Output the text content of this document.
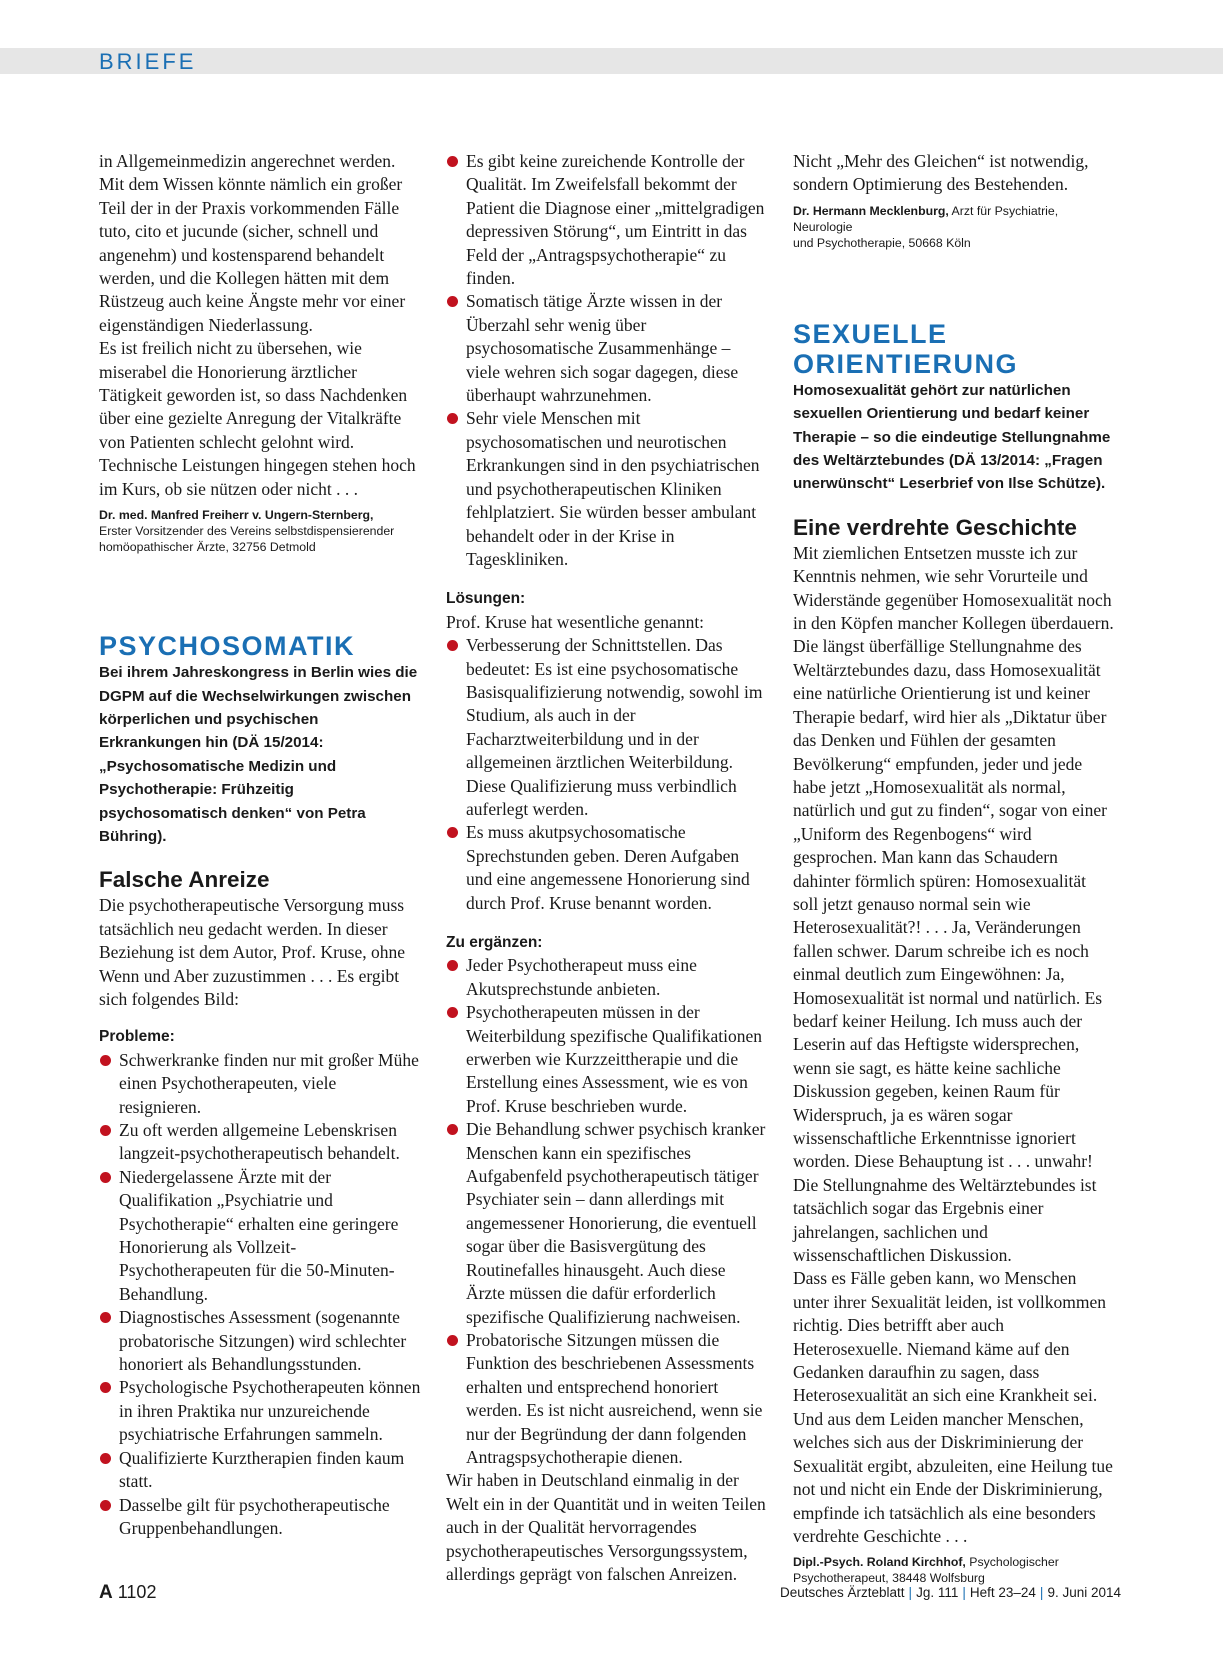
BRIEFE

in Allgemeinmedizin angerechnet werden. Mit dem Wissen könnte nämlich ein großer Teil der in der Praxis vorkommenden Fälle tuto, cito et jucunde (sicher, schnell und angenehm) und kostensparend behandelt werden, und die Kollegen hätten mit dem Rüstzeug auch keine Ängste mehr vor einer eigenständigen Niederlassung.

Es ist freilich nicht zu übersehen, wie miserabel die Honorierung ärztlicher Tätigkeit geworden ist, so dass Nachdenken über eine gezielte Anregung der Vitalkräfte von Patienten schlecht gelohnt wird. Technische Leistungen hingegen stehen hoch im Kurs, ob sie nützen oder nicht . . .

Dr. med. Manfred Freiherr v. Ungern-Sternberg,
Erster Vorsitzender des Vereins selbstdispensierender
homöopathischer Ärzte, 32756 Detmold
PSYCHOSOMATIK

Bei ihrem Jahreskongress in Berlin wies die DGPM auf die Wechselwirkungen zwischen körperlichen und psychischen Erkrankungen hin (DÄ 15/2014: „Psychosomatische Medizin und Psychotherapie: Frühzeitig psychosomatisch denken“ von Petra Bühring).

Falsche Anreize

Die psychotherapeutische Versorgung muss tatsächlich neu gedacht werden. In dieser Beziehung ist dem Autor, Prof. Kruse, ohne Wenn und Aber zuzustimmen . . . Es ergibt sich folgendes Bild:

Probleme:

Schwerkranke finden nur mit großer Mühe einen Psychotherapeuten, viele resignieren.
Zu oft werden allgemeine Lebenskrisen langzeit-psychotherapeutisch behandelt.
Niedergelassene Ärzte mit der Qualifikation „Psychiatrie und Psychotherapie“ erhalten eine geringere Honorierung als Vollzeit-Psychotherapeuten für die 50-Minuten-Behandlung.
Diagnostisches Assessment (sogenannte probatorische Sitzungen) wird schlechter honoriert als Behandlungsstunden.
Psychologische Psychotherapeuten können in ihren Praktika nur unzureichende psychiatrische Erfahrungen sammeln.
Qualifizierte Kurztherapien finden kaum statt.
Dasselbe gilt für psychotherapeutische Gruppenbehandlungen.
Es gibt keine zureichende Kontrolle der Qualität. Im Zweifelsfall bekommt der Patient die Diagnose einer „mittelgradigen depressiven Störung“, um Eintritt in das Feld der „Antragspsychotherapie“ zu finden.
Somatisch tätige Ärzte wissen in der Überzahl sehr wenig über psychosomatische Zusammenhänge – viele wehren sich sogar dagegen, diese überhaupt wahrzunehmen.
Sehr viele Menschen mit psychosomatischen und neurotischen Erkrankungen sind in den psychiatrischen und psychotherapeutischen Kliniken fehlplatziert. Sie würden besser ambulant behandelt oder in der Krise in Tageskliniken.

Lösungen:

Prof. Kruse hat wesentliche genannt:

Verbesserung der Schnittstellen. Das bedeutet: Es ist eine psychosomatische Basisqualifizierung notwendig, sowohl im Studium, als auch in der Facharztweiterbildung und in der allgemeinen ärztlichen Weiterbildung. Diese Qualifizierung muss verbindlich auferlegt werden.
Es muss akutpsychosomatische Sprechstunden geben. Deren Aufgaben und eine angemessene Honorierung sind durch Prof. Kruse benannt worden.

Zu ergänzen:

Jeder Psychotherapeut muss eine Akutsprechstunde anbieten.
Psychotherapeuten müssen in der Weiterbildung spezifische Qualifikationen erwerben wie Kurzzeittherapie und die Erstellung eines Assessment, wie es von Prof. Kruse beschrieben wurde.
Die Behandlung schwer psychisch kranker Menschen kann ein spezifisches Aufgabenfeld psychotherapeutisch tätiger Psychiater sein – dann allerdings mit angemessener Honorierung, die eventuell sogar über die Basisvergütung des Routinefalles hinausgeht. Auch diese Ärzte müssen die dafür erforderlich spezifische Qualifizierung nachweisen.
Probatorische Sitzungen müssen die Funktion des beschriebenen Assessments erhalten und entsprechend honoriert werden. Es ist nicht ausreichend, wenn sie nur der Begründung der dann folgenden Antragspsychotherapie dienen.

Wir haben in Deutschland einmalig in der Welt ein in der Quantität und in weiten Teilen auch in der Qualität hervorragendes psychotherapeutisches Versorgungssystem, allerdings geprägt von falschen Anreizen.

Nicht „Mehr des Gleichen“ ist notwendig, sondern Optimierung des Bestehenden.

Dr. Hermann Mecklenburg, Arzt für Psychiatrie, Neurologie
und Psychotherapie, 50668 Köln
SEXUELLE ORIENTIERUNG

Homosexualität gehört zur natürlichen sexuellen Orientierung und bedarf keiner Therapie – so die eindeutige Stellungnahme des Weltärztebundes (DÄ 13/2014: „Fragen unerwünscht“ Leserbrief von Ilse Schütze).

Eine verdrehte Geschichte

Mit ziemlichen Entsetzen musste ich zur Kenntnis nehmen, wie sehr Vorurteile und Widerstände gegenüber Homosexualität noch in den Köpfen mancher Kollegen überdauern. Die längst überfällige Stellungnahme des Weltärztebundes dazu, dass Homosexualität eine natürliche Orientierung ist und keiner Therapie bedarf, wird hier als „Diktatur über das Denken und Fühlen der gesamten Bevölkerung“ empfunden, jeder und jede habe jetzt „Homosexualität als normal, natürlich und gut zu finden“, sogar von einer „Uniform des Regenbogens“ wird gesprochen. Man kann das Schaudern dahinter förmlich spüren: Homosexualität soll jetzt genauso normal sein wie Heterosexualität?! . . . Ja, Veränderungen fallen schwer. Darum schreibe ich es noch einmal deutlich zum Eingewöhnen: Ja, Homosexualität ist normal und natürlich. Es bedarf keiner Heilung. Ich muss auch der Leserin auf das Heftigste widersprechen, wenn sie sagt, es hätte keine sachliche Diskussion gegeben, keinen Raum für Widerspruch, ja es wären sogar wissenschaftliche Erkenntnisse ignoriert worden. Diese Behauptung ist . . . unwahr! Die Stellungnahme des Weltärztebundes ist tatsächlich sogar das Ergebnis einer jahrelangen, sachlichen und wissenschaftlichen Diskussion.

Dass es Fälle geben kann, wo Menschen unter ihrer Sexualität leiden, ist vollkommen richtig. Dies betrifft aber auch Heterosexuelle. Niemand käme auf den Gedanken daraufhin zu sagen, dass Heterosexualität an sich eine Krankheit sei. Und aus dem Leiden mancher Menschen, welches sich aus der Diskriminierung der Sexualität ergibt, abzuleiten, eine Heilung tue not und nicht ein Ende der Diskriminierung, empfinde ich tatsächlich als eine besonders verdrehte Geschichte . . .

Dipl.-Psych. Roland Kirchhof, Psychologischer
Psychotherapeut, 38448 Wolfsburg
A 1102	Deutsches Ärzteblatt | Jg. 111 | Heft 23–24 | 9. Juni 2014
